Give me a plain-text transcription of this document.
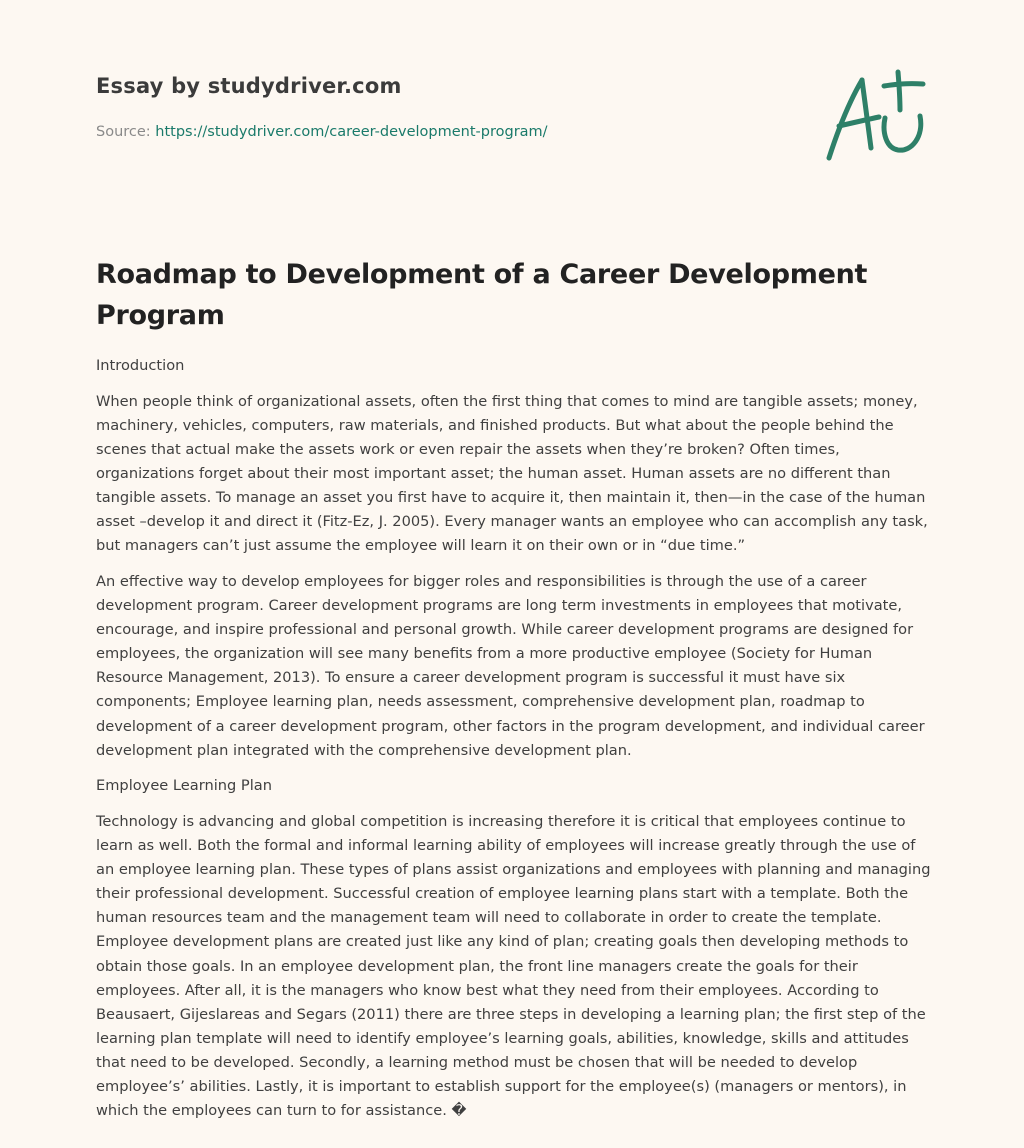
Essay by studydriver.com
Source: https://studydriver.com/career-development-program/
Roadmap to Development of a Career Development Program

Introduction

When people think of organizational assets, often the first thing that comes to mind are tangible assets; money, machinery, vehicles, computers, raw materials, and finished products. But what about the people behind the scenes that actual make the assets work or even repair the assets when they’re broken? Often times, organizations forget about their most important asset; the human asset. Human assets are no different than tangible assets. To manage an asset you first have to acquire it, then maintain it, then—in the case of the human asset –develop it and direct it (Fitz-Ez, J. 2005). Every manager wants an employee who can accomplish any task, but managers can’t just assume the employee will learn it on their own or in “due time.”

An effective way to develop employees for bigger roles and responsibilities is through the use of a career development program. Career development programs are long term investments in employees that motivate, encourage, and inspire professional and personal growth. While career development programs are designed for employees, the organization will see many benefits from a more productive employee (Society for Human Resource Management, 2013). To ensure a career development program is successful it must have six components; Employee learning plan, needs assessment, comprehensive development plan, roadmap to development of a career development program, other factors in the program development, and individual career development plan integrated with the comprehensive development plan.

Employee Learning Plan

Technology is advancing and global competition is increasing therefore it is critical that employees continue to learn as well. Both the formal and informal learning ability of employees will increase greatly through the use of an employee learning plan. These types of plans assist organizations and employees with planning and managing their professional development. Successful creation of employee learning plans start with a template. Both the human resources team and the management team will need to collaborate in order to create the template. Employee development plans are created just like any kind of plan; creating goals then developing methods to obtain those goals. In an employee development plan, the front line managers create the goals for their employees. After all, it is the managers who know best what they need from their employees. According to Beausaert, Gijeslareas and Segars (2011) there are three steps in developing a learning plan; the first step of the learning plan template will need to identify employee’s learning goals, abilities, knowledge, skills and attitudes that need to be developed. Secondly, a learning method must be chosen that will be needed to develop employee’s’ abilities. Lastly, it is important to establish support for the employee(s) (managers or mentors), in which the employees can turn to for assistance. �
